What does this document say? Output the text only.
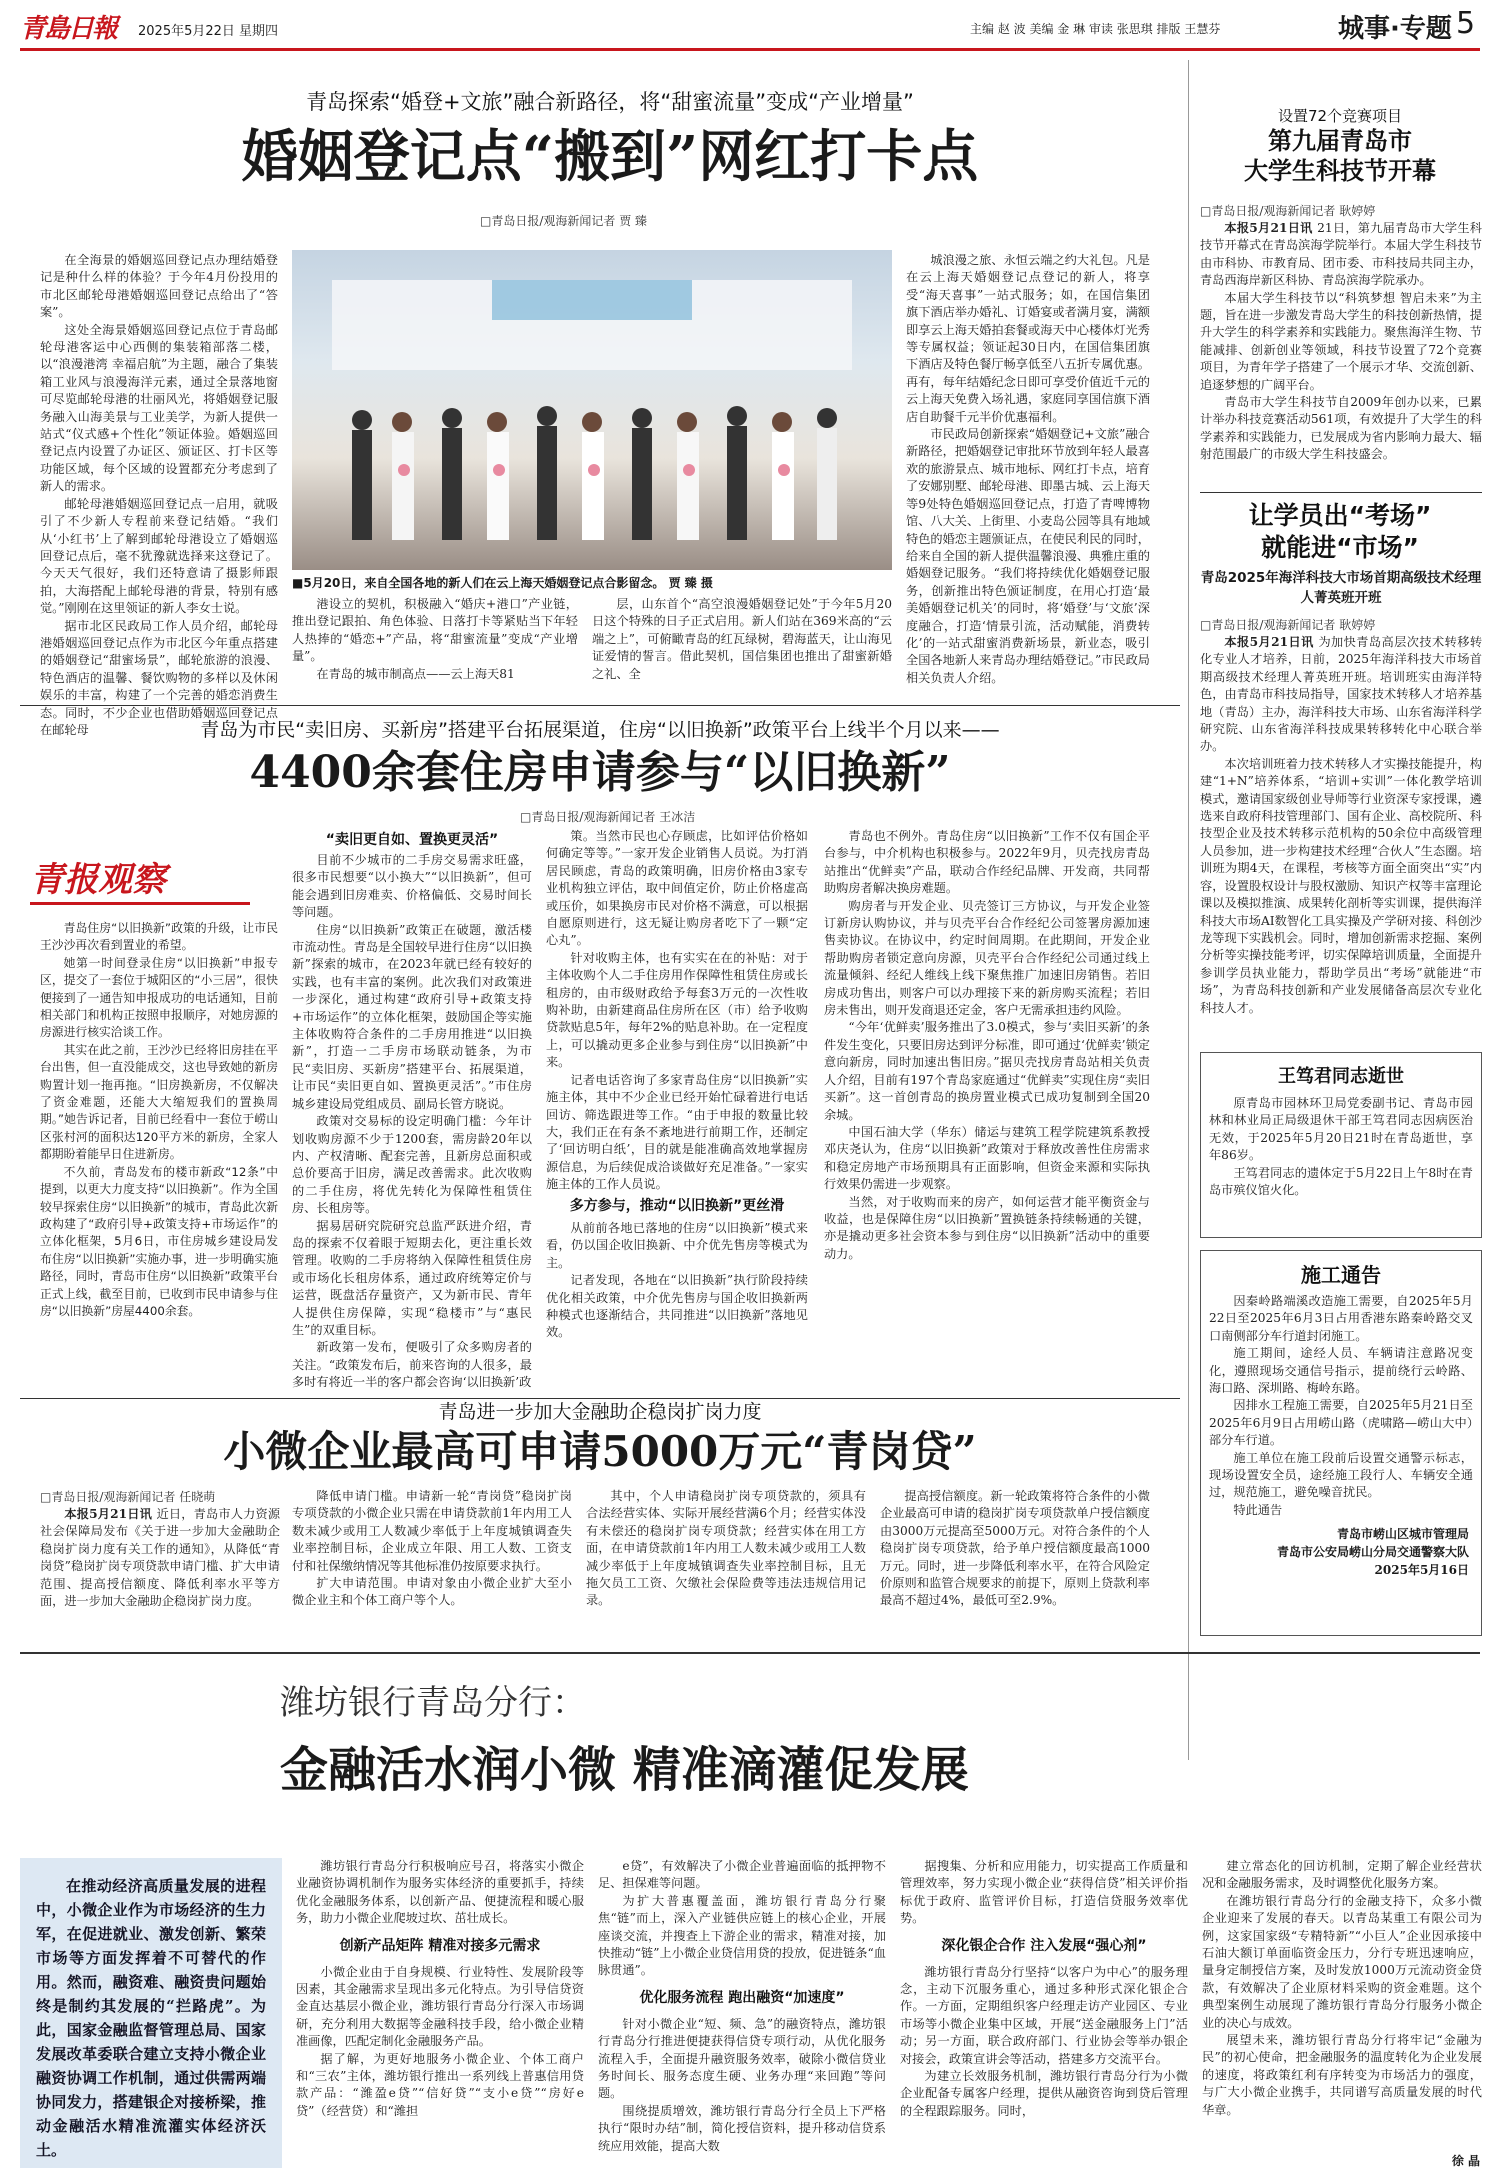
青島日報 2025年5月22日 星期四	主编 赵 波 美编 金 琳 审读 张思琪 排版 王慧芬	城事·专题 5
青岛探索“婚登+文旅”融合新路径，将“甜蜜流量”变成“产业增量”
婚姻登记点“搬到”网红打卡点
□青岛日报/观海新闻记者 贾 臻

在全海景的婚姻巡回登记点办理结婚登记是种什么样的体验？于今年4月份投用的市北区邮轮母港婚姻巡回登记点给出了“答案”。

这处全海景婚姻巡回登记点位于青岛邮轮母港客运中心西侧的集装箱部落二楼，以“浪漫港湾 幸福启航”为主题，融合了集装箱工业风与浪漫海洋元素，通过全景落地窗可尽览邮轮母港的壮丽风光，将婚姻登记服务融入山海美景与工业美学，为新人提供一站式“仪式感+个性化”领证体验。婚姻巡回登记点内设置了办证区、颁证区、打卡区等功能区域，每个区域的设置都充分考虑到了新人的需求。

邮轮母港婚姻巡回登记点一启用，就吸引了不少新人专程前来登记结婚。“我们从‘小红书’上了解到邮轮母港设立了婚姻巡回登记点后，毫不犹豫就选择来这登记了。今天天气很好，我们还特意请了摄影师跟拍，大海搭配上邮轮母港的背景，特别有感觉。”刚刚在这里领证的新人李女士说。

据市北区民政局工作人员介绍，邮轮母港婚姻巡回登记点作为市北区今年重点搭建的婚姻登记“甜蜜场景”，邮轮旅游的浪漫、特色酒店的温馨、餐饮购物的多样以及休闲娱乐的丰富，构建了一个完善的婚恋消费生态。同时，不少企业也借助婚姻巡回登记点在邮轮母

■5月20日，来自全国各地的新人们在云上海天婚姻登记点合影留念。 贾 臻 摄

港设立的契机，积极融入“婚庆+港口”产业链，推出登记跟拍、角色体验、日落打卡等紧贴当下年轻人热捧的“婚恋+”产品，将“甜蜜流量”变成“产业增量”。

在青岛的城市制高点——云上海天81

层，山东首个“高空浪漫婚姻登记处”于今年5月20日这个特殊的日子正式启用。新人们站在369米高的“云端之上”，可俯瞰青岛的红瓦绿树，碧海蓝天，让山海见证爱情的誓言。借此契机，国信集团也推出了甜蜜新婚之礼、全

城浪漫之旅、永恒云端之约大礼包。凡是在云上海天婚姻登记点登记的新人，将享受“海天喜事”一站式服务；如，在国信集团旗下酒店举办婚礼、订婚宴或者满月宴，满额即享云上海天婚拍套餐或海天中心楼体灯光秀等专属权益；领证起30日内，在国信集团旗下酒店及特色餐厅畅享低至八五折专属优惠。再有，每年结婚纪念日即可享受价值近千元的云上海天免费入场礼遇，家庭同享国信旗下酒店自助餐千元半价优惠福利。

市民政局创新探索“婚姻登记+文旅”融合新路径，把婚姻登记审批环节放到年轻人最喜欢的旅游景点、城市地标、网红打卡点，培育了安娜别墅、邮轮母港、即墨古城、云上海天等9处特色婚姻巡回登记点，打造了青啤博物馆、八大关、上街里、小麦岛公园等具有地域特色的婚恋主题颁证点，在使民利民的同时，给来自全国的新人提供温馨浪漫、典雅庄重的婚姻登记服务。“我们将持续优化婚姻登记服务，创新推出特色颁证制度，在用心打造‘最美婚姻登记机关’的同时，将‘婚登’与‘文旅’深度融合，打造‘情景引流，活动赋能，消费转化’的一站式甜蜜消费新场景，新业态，吸引全国各地新人来青岛办理结婚登记。”市民政局相关负责人介绍。

设置72个竞赛项目
第九届青岛市
大学生科技节开幕
□青岛日报/观海新闻记者 耿婷婷

本报5月21日讯 21日，第九届青岛市大学生科技节开幕式在青岛滨海学院举行。本届大学生科技节由市科协、市教育局、团市委、市科技局共同主办，青岛西海岸新区科协、青岛滨海学院承办。

本届大学生科技节以“科筑梦想 智启未来”为主题，旨在进一步激发青岛大学生的科技创新热情，提升大学生的科学素养和实践能力。聚焦海洋生物、节能减排、创新创业等领域，科技节设置了72个竞赛项目，为青年学子搭建了一个展示才华、交流创新、追逐梦想的广阔平台。

青岛市大学生科技节自2009年创办以来，已累计举办科技竞赛活动561项，有效提升了大学生的科学素养和实践能力，已发展成为省内影响力最大、辐射范围最广的市级大学生科技盛会。

让学员出“考场”
就能进“市场”
青岛2025年海洋科技大市场首期高级技术经理人菁英班开班
□青岛日报/观海新闻记者 耿婷婷

本报5月21日讯 为加快青岛高层次技术转移转化专业人才培养，日前，2025年海洋科技大市场首期高级技术经理人菁英班开班。培训班实由海洋特色，由青岛市科技局指导，国家技术转移人才培养基地（青岛）主办，海洋科技大市场、山东省海洋科学研究院、山东省海洋科技成果转移转化中心联合举办。

本次培训班着力技术转移人才实操技能提升，构建“1+N”培养体系，“培训+实训”一体化教学培训模式，邀请国家级创业导师等行业资深专家授课，遴选来自政府科技管理部门、国有企业、高校院所、科技型企业及技术转移示范机构的50余位中高级管理人员参加，进一步构建技术经理“合伙人”生态圈。培训班为期4天，在课程，考核等方面全面突出“实”内容，设置股权设计与股权激励、知识产权等丰富理论课以及模拟推演、成果转化剖析等实训课，提供海洋科技大市场AI数智化工具实操及产学研对接、科创沙龙等现下实践机会。同时，增加创新需求挖掘、案例分析等实操技能考评，切实保障培训质量，全面提升参训学员执业能力，帮助学员出“考场”就能进“市场”，为青岛科技创新和产业发展储备高层次专业化科技人才。

王笃君同志逝世

原青岛市园林环卫局党委副书记、青岛市园林和林业局正局级退休干部王笃君同志因病医治无效，于2025年5月20日21时在青岛逝世，享年86岁。

王笃君同志的遗体定于5月22日上午8时在青岛市殡仪馆火化。

施工通告

因秦岭路端溪改造施工需要，自2025年5月22日至2025年6月3日占用香港东路秦岭路交叉口南侧部分车行道封闭施工。

施工期间，途经人员、车辆请注意路况变化，遵照现场交通信号指示，提前绕行云岭路、海口路、深圳路、梅岭东路。

因排水工程施工需要，自2025年5月21日至2025年6月9日占用崂山路（虎啸路—崂山大中）部分车行道。

施工单位在施工段前后设置交通警示标志，现场设置安全员，途经施工段行人、车辆安全通过，规范施工，避免噪音扰民。

特此通告

青岛市崂山区城市管理局
青岛市公安局崂山分局交通警察大队
2025年5月16日
青岛为市民“卖旧房、买新房”搭建平台拓展渠道，住房“以旧换新”政策平台上线半个月以来——
4400余套住房申请参与“以旧换新”
□青岛日报/观海新闻记者 王冰洁
青报观察

青岛住房“以旧换新”政策的升级，让市民王沙沙再次看到置业的希望。

她第一时间登录住房“以旧换新”申报专区，提交了一套位于城阳区的“小三居”，很快便接到了一通告知申报成功的电话通知，目前相关部门和机构正按照申报顺序，对她房源的房源进行核实洽谈工作。

其实在此之前，王沙沙已经将旧房挂在平台出售，但一直没能成交，这也导致她的新房购置计划一拖再拖。“旧房换新房，不仅解决了资金难题，还能大大缩短我们的置换周期。”她告诉记者，目前已经看中一套位于崂山区张村河的面积达120平方米的新房，全家人都期盼着能早日住进新房。

不久前，青岛发布的楼市新政“12条”中提到，以更大力度支持“以旧换新”。作为全国较早探索住房“以旧换新”的城市，青岛此次新政构建了“政府引导+政策支持+市场运作”的立体化框架，5月6日，市住房城乡建设局发布住房“以旧换新”实施办事，进一步明确实施路径，同时，青岛市住房“以旧换新”政策平台正式上线，截至目前，已收到市民申请参与住房“以旧换新”房屋4400余套。

“卖旧更自如、置换更灵活”

目前不少城市的二手房交易需求旺盛，很多市民想要“以小换大”“以旧换新”，但可能会遇到旧房难卖、价格偏低、交易时间长等问题。

住房“以旧换新”政策正在破题，激活楼市流动性。青岛是全国较早进行住房“以旧换新”探索的城市，在2023年就已经有较好的实践，也有丰富的案例。此次我们对政策进一步深化，通过构建“政府引导+政策支持+市场运作”的立体化框架，鼓励国企等实施主体收购符合条件的二手房用推进“以旧换新”，打造一二手房市场联动链条，为市民“卖旧房、买新房”搭建平台、拓展渠道，让市民“卖旧更自如、置换更灵活”。”市住房城乡建设局党组成员、副局长管方晓说。

政策对交易标的设定明确门槛：今年计划收购房源不少于1200套，需房龄20年以内、产权清晰、配套完善，且新房总面积或总价要高于旧房，满足改善需求。此次收购的二手住房，将优先转化为保障性租赁住房、长租房等。

据易居研究院研究总监严跃进介绍，青岛的探索不仅着眼于短期去化，更注重长效管理。收购的二手房将纳入保障性租赁住房或市场化长租房体系，通过政府统筹定价与运营，既盘活存量资产，又为新市民、青年人提供住房保障，实现“稳楼市”与“惠民生”的双重目标。

新政第一发布，便吸引了众多购房者的关注。“政策发布后，前来咨询的人很多，最多时有将近一半的客户都会咨询‘以旧换新’政

策。当然市民也心存顾虑，比如评估价格如何确定等等。”一家开发企业销售人员说。为打消居民顾虑，青岛的政策明确，旧房价格由3家专业机构独立评估，取中间值定价，防止价格虚高或压价，如果换房市民对价格不满意，可以根据自愿原则进行，这无疑让购房者吃下了一颗“定心丸”。

针对收购主体，也有实实在在的补贴：对于主体收购个人二手住房用作保障性租赁住房或长租房的，由市级财政给予每套3万元的一次性收购补助，由新建商品住房所在区（市）给予收购贷款贴息5年，每年2%的贴息补助。在一定程度上，可以撬动更多企业参与到住房“以旧换新”中来。

记者电话咨询了多家青岛住房“以旧换新”实施主体，其中不少企业已经开始忙碌着进行电话回访、筛选跟进等工作。“由于申报的数量比较大，我们正在有条不紊地进行前期工作，还制定了‘回访明白纸’，目的就是能准确高效地掌握房源信息，为后续促成洽谈做好充足准备。”一家实施主体的工作人员说。

多方参与，推动“以旧换新”更丝滑

从前前各地已落地的住房“以旧换新”模式来看，仍以国企收旧换新、中介优先售房等模式为主。

记者发现，各地在“以旧换新”执行阶段持续优化相关政策，中介优先售房与国企收旧换新两种模式也逐渐结合，共同推进“以旧换新”落地见效。

青岛也不例外。青岛住房“以旧换新”工作不仅有国企平台参与，中介机构也积极参与。2022年9月，贝壳找房青岛站推出“优鲜卖”产品，联动合作经纪品牌、开发商，共同帮助购房者解决换房难题。

购房者与开发企业、贝壳签订三方协议，与开发企业签订新房认购协议，并与贝壳平台合作经纪公司签署房源加速售卖协议。在协议中，约定时间周期。在此期间，开发企业帮助购房者锁定意向房源，贝壳平台合作经纪公司通过线上流量倾斜、经纪人维线上线下聚焦推广加速旧房销售。若旧房成功售出，则客户可以办理接下来的新房购买流程；若旧房未售出，则开发商退还定金，客户无需承担违约风险。

“今年‘优鲜卖’服务推出了3.0模式，参与‘卖旧买新’的条件发生变化，只要旧房达到评分标准，即可通过‘优鲜卖’锁定意向新房，同时加速出售旧房。”据贝壳找房青岛站相关负责人介绍，目前有197个青岛家庭通过“优鲜卖”实现住房“卖旧买新”。这一首创青岛的换房置业模式已成功复制到全国20余城。

中国石油大学（华东）储运与建筑工程学院建筑系教授邓庆尧认为，住房“以旧换新”政策对于释放改善性住房需求和稳定房地产市场预期具有正面影响，但资金来源和实际执行效果仍需进一步观察。

当然，对于收购而来的房产，如何运营才能平衡资金与收益，也是保障住房“以旧换新”置换链条持续畅通的关键，亦是撬动更多社会资本参与到住房“以旧换新”活动中的重要动力。

青岛进一步加大金融助企稳岗扩岗力度
小微企业最高可申请5000万元“青岗贷”
□青岛日报/观海新闻记者 任晓萌

本报5月21日讯 近日，青岛市人力资源社会保障局发布《关于进一步加大金融助企稳岗扩岗力度有关工作的通知》，从降低“青岗贷”稳岗扩岗专项贷款申请门槛、扩大申请范围、提高授信额度、降低利率水平等方面，进一步加大金融助企稳岗扩岗力度。

降低申请门槛。申请新一轮“青岗贷”稳岗扩岗专项贷款的小微企业只需在申请贷款前1年内用工人数未减少或用工人数减少率低于上年度城镇调查失业率控制目标，企业成立年限、用工人数、工资支付和社保缴纳情况等其他标准仍按原要求执行。

扩大申请范围。申请对象由小微企业扩大至小微企业主和个体工商户等个人。

其中，个人申请稳岗扩岗专项贷款的，须具有合法经营实体、实际开展经营满6个月；经营实体没有未偿还的稳岗扩岗专项贷款；经营实体在用工方面，在申请贷款前1年内用工人数未减少或用工人数减少率低于上年度城镇调查失业率控制目标，且无拖欠员工工资、欠缴社会保险费等违法违规信用记录。

提高授信额度。新一轮政策将符合条件的小微企业最高可申请的稳岗扩岗专项贷款单户授信额度由3000万元提高至5000万元。对符合条件的个人稳岗扩岗专项贷款，给予单户授信额度最高1000万元。同时，进一步降低利率水平，在符合风险定价原则和监管合规要求的前提下，原则上贷款利率最高不超过4%，最低可至2.9%。

潍坊银行青岛分行：
金融活水润小微 精准滴灌促发展
在推动经济高质量发展的进程中，小微企业作为市场经济的生力军，在促进就业、激发创新、繁荣市场等方面发挥着不可替代的作用。然而，融资难、融资贵问题始终是制约其发展的“拦路虎”。为此，国家金融监督管理总局、国家发展改革委联合建立支持小微企业融资协调工作机制，通过供需两端协同发力，搭建银企对接桥梁，推动金融活水精准流灌实体经济沃土。

潍坊银行青岛分行积极响应号召，将落实小微企业融资协调机制作为服务实体经济的重要抓手，持续优化金融服务体系，以创新产品、便捷流程和暖心服务，助力小微企业爬坡过坎、茁壮成长。

创新产品矩阵 精准对接多元需求

小微企业由于自身规模、行业特性、发展阶段等因素，其金融需求呈现出多元化特点。为引导信贷资金直达基层小微企业，潍坊银行青岛分行深入市场调研，充分利用大数据等金融科技手段，给小微企业精准画像，匹配定制化金融服务产品。

据了解，为更好地服务小微企业、个体工商户和“三农”主体，潍坊银行推出一系列线上普惠信用贷款产品：“潍盈e贷”“信好贷”“支小e贷”“房好e贷”（经营贷）和“潍担

e贷”，有效解决了小微企业普遍面临的抵押物不足、担保难等问题。

为扩大普惠覆盖面，潍坊银行青岛分行聚焦“链”而上，深入产业链供应链上的核心企业，开展座谈交流，并搜查上下游企业的需求，精准对接，加快推动“链”上小微企业贷信用贷的投放，促进链条“血脉贯通”。

优化服务流程 跑出融资“加速度”

针对小微企业“短、频、急”的融资特点，潍坊银行青岛分行推进便捷获得信贷专项行动，从优化服务流程入手，全面提升融资服务效率，破除小微信贷业务时间长、服务态度生硬、业务办理“来回跑”等问题。

围绕提质增效，潍坊银行青岛分行全员上下严格执行“限时办结”制，简化授信资料，提升移动信贷系统应用效能，提高大数

据搜集、分析和应用能力，切实提高工作质量和管理效率，努力实现小微企业“获得信贷”相关评价指标优于政府、监管评价目标，打造信贷服务效率优势。

深化银企合作 注入发展“强心剂”

潍坊银行青岛分行坚持“以客户为中心”的服务理念，主动下沉服务重心，通过多种形式深化银企合作。一方面，定期组织客户经理走访产业园区、专业市场等小微企业集中区域，开展“送金融服务上门”活动；另一方面，联合政府部门、行业协会等举办银企对接会，政策宣讲会等活动，搭建多方交流平台。

为建立长效服务机制，潍坊银行青岛分行为小微企业配备专属客户经理，提供从融资咨询到贷后管理的全程跟踪服务。同时，

建立常态化的回访机制，定期了解企业经营状况和金融服务需求，及时调整优化服务方案。

在潍坊银行青岛分行的金融支持下，众多小微企业迎来了发展的春天。以青岛某重工有限公司为例，这家国家级“专精特新”“小巨人”企业因承接中石油大额订单面临资金压力，分行专班迅速响应，量身定制授信方案，及时发放1000万元流动资金贷款，有效解决了企业原材料采购的资金难题。这个典型案例生动展现了潍坊银行青岛分行服务小微企业的决心与成效。

展望未来，潍坊银行青岛分行将牢记“金融为民”的初心使命，把金融服务的温度转化为企业发展的速度，将政策红利有序转变为市场活力的强度，与广大小微企业携手，共同谱写高质量发展的时代华章。

徐 晶
